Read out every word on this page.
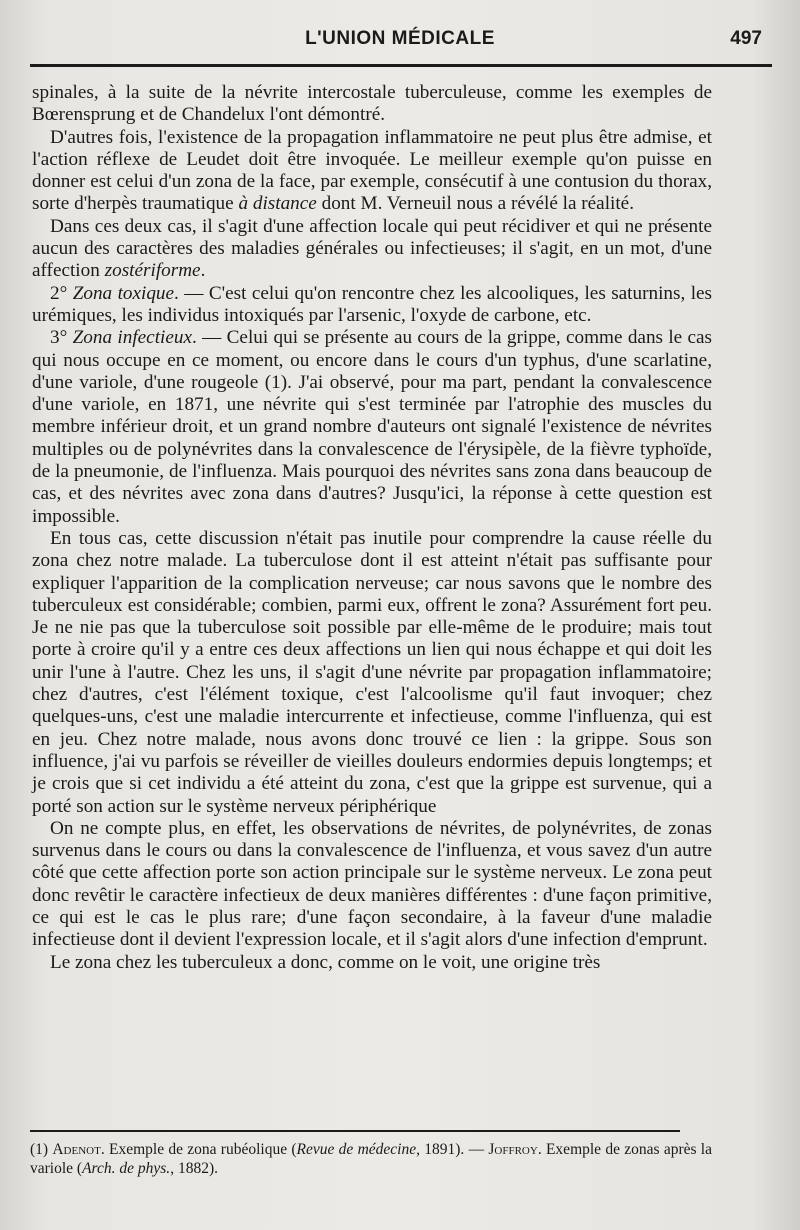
L'UNION MÉDICALE	497

spinales, à la suite de la névrite intercostale tuberculeuse, comme les exemples de Bœrensprung et de Chandelux l'ont démontré.

D'autres fois, l'existence de la propagation inflammatoire ne peut plus être admise, et l'action réflexe de Leudet doit être invoquée. Le meilleur exemple qu'on puisse en donner est celui d'un zona de la face, par exemple, consécutif à une contusion du thorax, sorte d'herpès traumatique à distance dont M. Verneuil nous a révélé la réalité.

Dans ces deux cas, il s'agit d'une affection locale qui peut récidiver et qui ne présente aucun des caractères des maladies générales ou infectieuses; il s'agit, en un mot, d'une affection zostériforme.

2° Zona toxique. — C'est celui qu'on rencontre chez les alcooliques, les saturnins, les urémiques, les individus intoxiqués par l'arsenic, l'oxyde de carbone, etc.

3° Zona infectieux. — Celui qui se présente au cours de la grippe, comme dans le cas qui nous occupe en ce moment, ou encore dans le cours d'un typhus, d'une scarlatine, d'une variole, d'une rougeole (1). J'ai observé, pour ma part, pendant la convalescence d'une variole, en 1871, une névrite qui s'est terminée par l'atrophie des muscles du membre inférieur droit, et un grand nombre d'auteurs ont signalé l'existence de névrites multiples ou de polynévrites dans la convalescence de l'érysipèle, de la fièvre typhoïde, de la pneumonie, de l'influenza. Mais pourquoi des névrites sans zona dans beaucoup de cas, et des névrites avec zona dans d'autres? Jusqu'ici, la réponse à cette question est impossible.

En tous cas, cette discussion n'était pas inutile pour comprendre la cause réelle du zona chez notre malade. La tuberculose dont il est atteint n'était pas suffisante pour expliquer l'apparition de la complication nerveuse; car nous savons que le nombre des tuberculeux est considérable; combien, parmi eux, offrent le zona? Assurément fort peu. Je ne nie pas que la tuberculose soit possible par elle-même de le produire; mais tout porte à croire qu'il y a entre ces deux affections un lien qui nous échappe et qui doit les unir l'une à l'autre. Chez les uns, il s'agit d'une névrite par propagation inflammatoire; chez d'autres, c'est l'élément toxique, c'est l'alcoolisme qu'il faut invoquer; chez quelques-uns, c'est une maladie intercurrente et infectieuse, comme l'influenza, qui est en jeu. Chez notre malade, nous avons donc trouvé ce lien : la grippe. Sous son influence, j'ai vu parfois se réveiller de vieilles douleurs endormies depuis longtemps; et je crois que si cet individu a été atteint du zona, c'est que la grippe est survenue, qui a porté son action sur le système nerveux périphérique

On ne compte plus, en effet, les observations de névrites, de polynévrites, de zonas survenus dans le cours ou dans la convalescence de l'influenza, et vous savez d'un autre côté que cette affection porte son action principale sur le système nerveux. Le zona peut donc revêtir le caractère infectieux de deux manières différentes : d'une façon primitive, ce qui est le cas le plus rare; d'une façon secondaire, à la faveur d'une maladie infectieuse dont il devient l'expression locale, et il s'agit alors d'une infection d'emprunt.

Le zona chez les tuberculeux a donc, comme on le voit, une origine très

(1) Adenot. Exemple de zona rubéolique (Revue de médecine, 1891). — Joffroy. Exemple de zonas après la variole (Arch. de phys., 1882).
